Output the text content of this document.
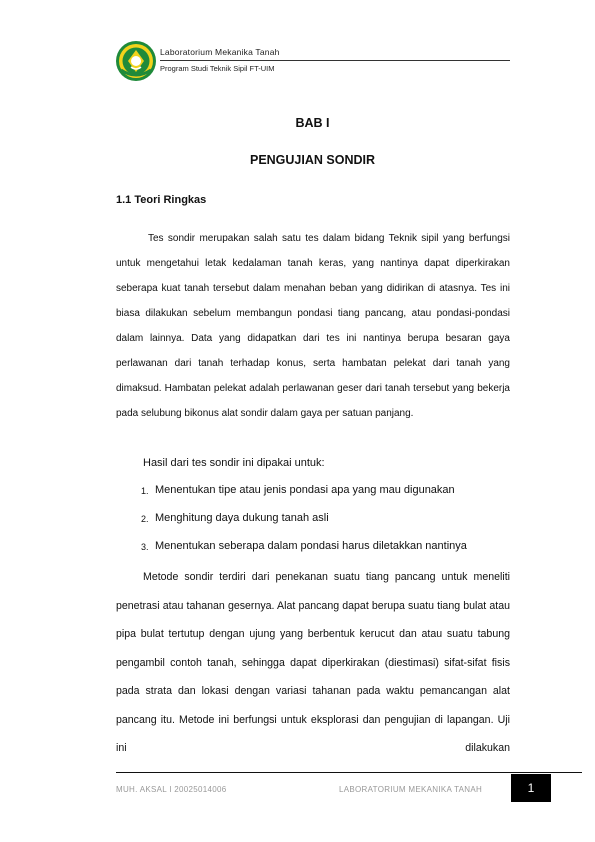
Laboratorium Mekanika Tanah
Program Studi Teknik Sipil FT-UIM
BAB I
PENGUJIAN SONDIR
1.1 Teori Ringkas
Tes sondir merupakan salah satu tes dalam bidang Teknik sipil yang berfungsi untuk mengetahui letak kedalaman tanah keras, yang nantinya dapat diperkirakan seberapa kuat tanah tersebut dalam menahan beban yang didirikan di atasnya. Tes ini biasa dilakukan sebelum membangun pondasi tiang pancang, atau pondasi-pondasi dalam lainnya. Data yang didapatkan dari tes ini nantinya berupa besaran gaya perlawanan dari tanah terhadap konus, serta hambatan pelekat dari tanah yang dimaksud. Hambatan pelekat adalah perlawanan geser dari tanah tersebut yang bekerja pada selubung bikonus alat sondir dalam gaya per satuan panjang.
Hasil dari tes sondir ini dipakai untuk:
1. Menentukan tipe atau jenis pondasi apa yang mau digunakan
2. Menghitung daya dukung tanah asli
3. Menentukan seberapa dalam pondasi harus diletakkan nantinya
Metode sondir terdiri dari penekanan suatu tiang pancang untuk meneliti penetrasi atau tahanan gesernya. Alat pancang dapat berupa suatu tiang bulat atau pipa bulat tertutup dengan ujung yang berbentuk kerucut dan atau suatu tabung pengambil contoh tanah, sehingga dapat diperkirakan (diestimasi) sifat-sifat fisis pada strata dan lokasi dengan variasi tahanan pada waktu pemancangan alat pancang itu. Metode ini berfungsi untuk eksplorasi dan pengujian di lapangan. Uji ini dilakukan
MUH. AKSAL I 20025014006	LABORATORIUM MEKANIKA TANAH	1
